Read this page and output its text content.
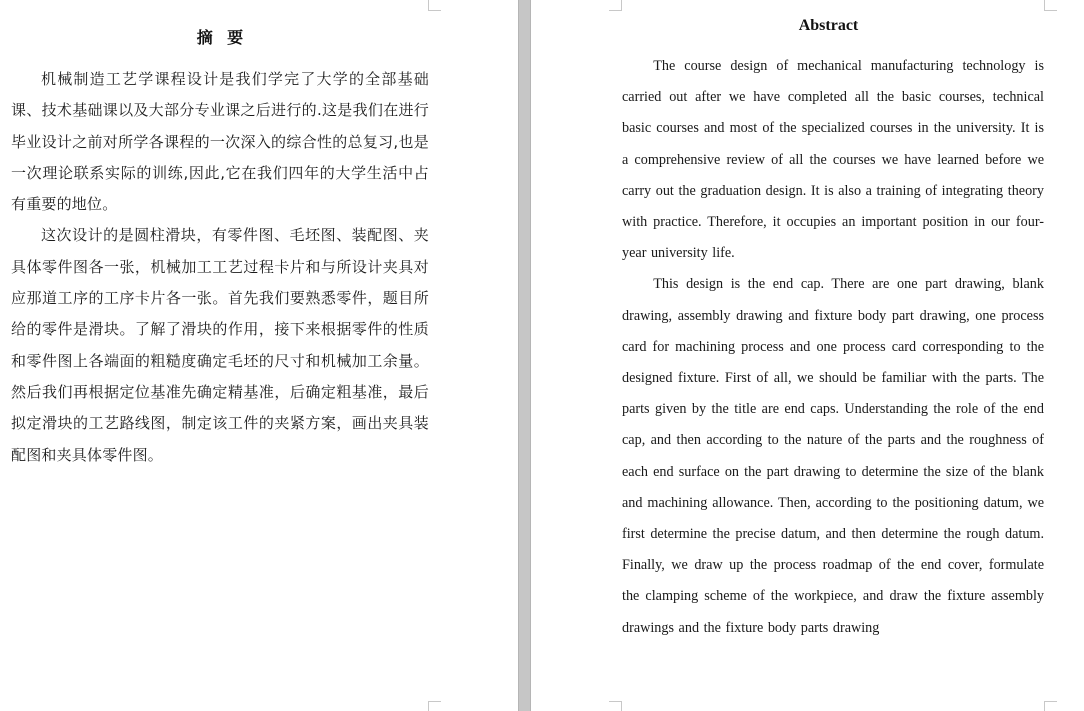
摘要

机械制造工艺学课程设计是我们学完了大学的全部基础课、技术基础课以及大部分专业课之后进行的.这是我们在进行毕业设计之前对所学各课程的一次深入的综合性的总复习,也是一次理论联系实际的训练,因此,它在我们四年的大学生活中占有重要的地位。

这次设计的是圆柱滑块，有零件图、毛坯图、装配图、夹具体零件图各一张，机械加工工艺过程卡片和与所设计夹具对应那道工序的工序卡片各一张。首先我们要熟悉零件，题目所给的零件是滑块。了解了滑块的作用，接下来根据零件的性质和零件图上各端面的粗糙度确定毛坯的尺寸和机械加工余量。然后我们再根据定位基准先确定精基准，后确定粗基准，最后拟定滑块的工艺路线图，制定该工件的夹紧方案，画出夹具装配图和夹具体零件图。

Abstract

The course design of mechanical manufacturing technology is carried out after we have completed all the basic courses, technical basic courses and most of the specialized courses in the university. It is a comprehensive review of all the courses we have learned before we carry out the graduation design. It is also a training of integrating theory with practice. Therefore, it occupies an important position in our four-year university life.

This design is the end cap. There are one part drawing, blank drawing, assembly drawing and fixture body part drawing, one process card for machining process and one process card corresponding to the designed fixture. First of all, we should be familiar with the parts. The parts given by the title are end caps. Understanding the role of the end cap, and then according to the nature of the parts and the roughness of each end surface on the part drawing to determine the size of the blank and machining allowance. Then, according to the positioning datum, we first determine the precise datum, and then determine the rough datum. Finally, we draw up the process roadmap of the end cover, formulate the clamping scheme of the workpiece, and draw the fixture assembly drawings and the fixture body parts drawing
